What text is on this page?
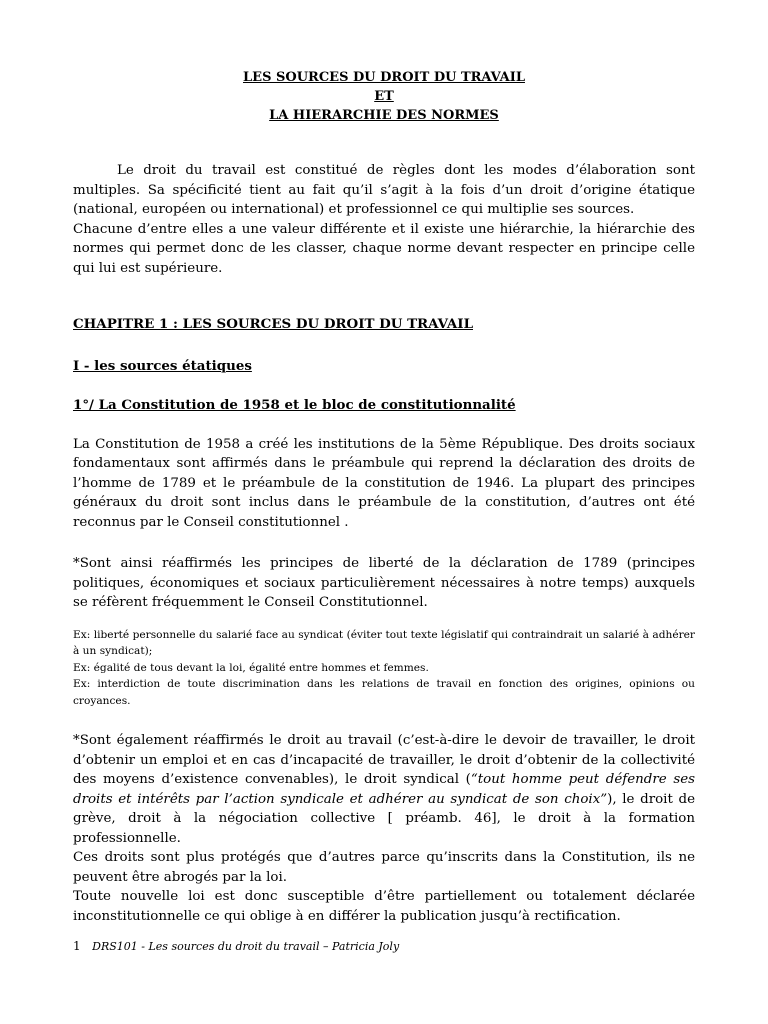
LES SOURCES DU DROIT DU TRAVAIL
ET
LA HIERARCHIE DES NORMES

Le droit du travail est constitué de règles dont les modes d’élaboration sont multiples. Sa spécificité tient au fait qu’il s’agit à la fois d’un droit d’origine étatique (national, européen ou international) et professionnel ce qui multiplie ses sources.

Chacune d’entre elles a une valeur différente et il existe une hiérarchie, la hiérarchie des normes qui permet donc de les classer, chaque norme devant respecter en principe celle qui lui est supérieure.

CHAPITRE 1 : LES SOURCES DU DROIT DU TRAVAIL
I - les sources étatiques
1°/ La Constitution de 1958 et le bloc de constitutionnalité

La Constitution de 1958 a créé les institutions de la 5ème République. Des droits sociaux fondamentaux sont affirmés dans le préambule qui reprend la déclaration des droits de l’homme de 1789 et le préambule de la constitution de 1946. La plupart des principes généraux du droit sont inclus dans le préambule de la constitution, d’autres ont été reconnus par le Conseil constitutionnel .

*Sont ainsi réaffirmés les principes de liberté de la déclaration de 1789 (principes politiques, économiques et sociaux particulièrement nécessaires à notre temps) auxquels se réfèrent fréquemment le Conseil Constitutionnel.

Ex: liberté personnelle du salarié face au syndicat (éviter tout texte législatif qui contraindrait un salarié à adhérer à un syndicat);

Ex: égalité de tous devant la loi, égalité entre hommes et femmes.

Ex: interdiction de toute discrimination dans les relations de travail en fonction des origines, opinions ou croyances.

*Sont également réaffirmés le droit au travail (c’est-à-dire le devoir de travailler, le droit d’obtenir un emploi et en cas d’incapacité de travailler, le droit d’obtenir de la collectivité des moyens d’existence convenables), le droit syndical (“tout homme peut défendre ses droits et intérêts par l’action syndicale et adhérer au syndicat de son choix”), le droit de grève, droit à la négociation collective [ préamb. 46], le droit à la formation professionnelle.

Ces droits sont plus protégés que d’autres parce qu’inscrits dans la Constitution, ils ne peuvent être abrogés par la loi.

Toute nouvelle loi est donc susceptible d’être partiellement ou totalement déclarée inconstitutionnelle ce qui oblige à en différer la publication jusqu’à rectification.

1 DRS101 - Les sources du droit du travail – Patricia Joly
